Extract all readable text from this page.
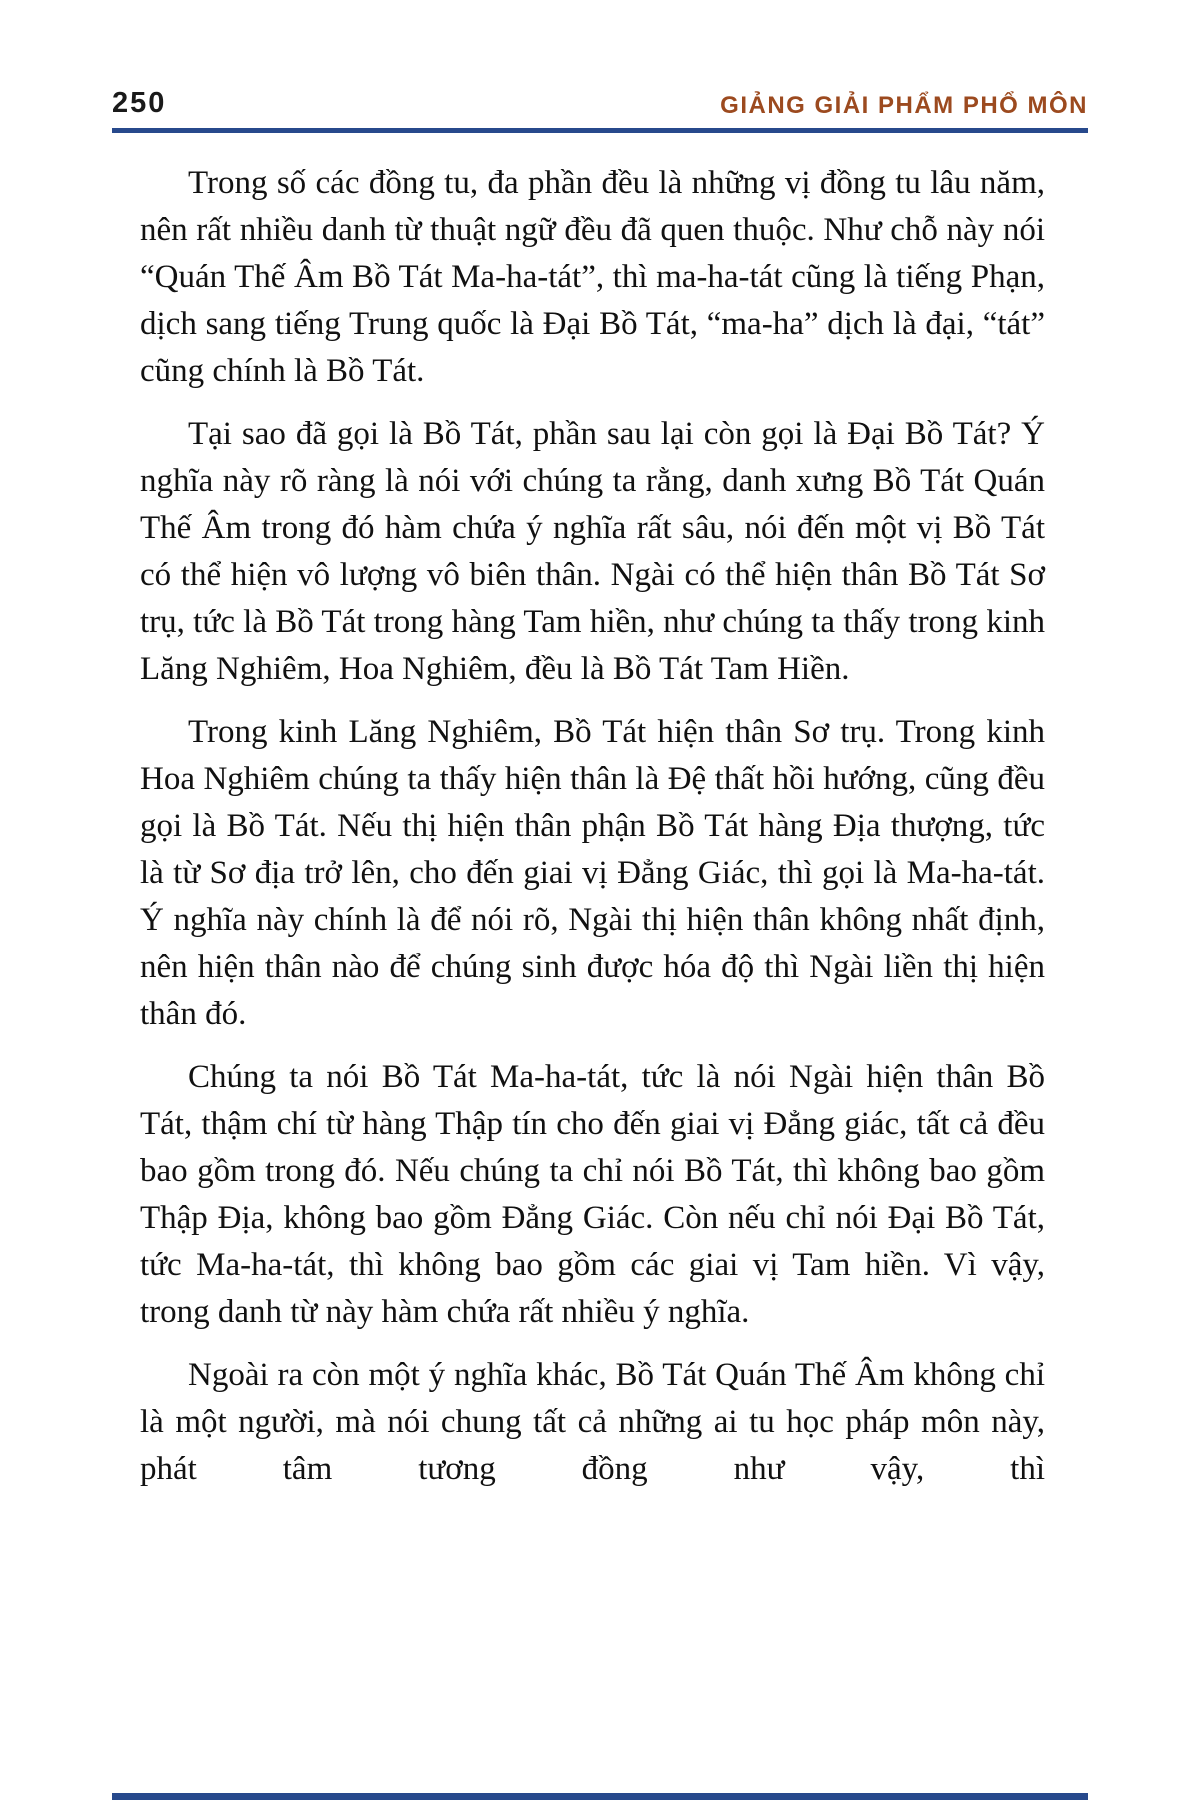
250	GIẢNG GIẢI PHẨM PHỔ MÔN

Trong số các đồng tu, đa phần đều là những vị đồng tu lâu năm, nên rất nhiều danh từ thuật ngữ đều đã quen thuộc. Như chỗ này nói “Quán Thế Âm Bồ Tát Ma-ha-tát”, thì ma-ha-tát cũng là tiếng Phạn, dịch sang tiếng Trung quốc là Đại Bồ Tát, “ma-ha” dịch là đại, “tát” cũng chính là Bồ Tát.

Tại sao đã gọi là Bồ Tát, phần sau lại còn gọi là Đại Bồ Tát? Ý nghĩa này rõ ràng là nói với chúng ta rằng, danh xưng Bồ Tát Quán Thế Âm trong đó hàm chứa ý nghĩa rất sâu, nói đến một vị Bồ Tát có thể hiện vô lượng vô biên thân. Ngài có thể hiện thân Bồ Tát Sơ trụ, tức là Bồ Tát trong hàng Tam hiền, như chúng ta thấy trong kinh Lăng Nghiêm, Hoa Nghiêm, đều là Bồ Tát Tam Hiền.

Trong kinh Lăng Nghiêm, Bồ Tát hiện thân Sơ trụ. Trong kinh Hoa Nghiêm chúng ta thấy hiện thân là Đệ thất hồi hướng, cũng đều gọi là Bồ Tát. Nếu thị hiện thân phận Bồ Tát hàng Địa thượng, tức là từ Sơ địa trở lên, cho đến giai vị Đẳng Giác, thì gọi là Ma-ha-tát. Ý nghĩa này chính là để nói rõ, Ngài thị hiện thân không nhất định, nên hiện thân nào để chúng sinh được hóa độ thì Ngài liền thị hiện thân đó.

Chúng ta nói Bồ Tát Ma-ha-tát, tức là nói Ngài hiện thân Bồ Tát, thậm chí từ hàng Thập tín cho đến giai vị Đẳng giác, tất cả đều bao gồm trong đó. Nếu chúng ta chỉ nói Bồ Tát, thì không bao gồm Thập Địa, không bao gồm Đẳng Giác. Còn nếu chỉ nói Đại Bồ Tát, tức Ma-ha-tát, thì không bao gồm các giai vị Tam hiền. Vì vậy, trong danh từ này hàm chứa rất nhiều ý nghĩa.

Ngoài ra còn một ý nghĩa khác, Bồ Tát Quán Thế Âm không chỉ là một người, mà nói chung tất cả những ai tu học pháp môn này, phát tâm tương đồng như vậy, thì
